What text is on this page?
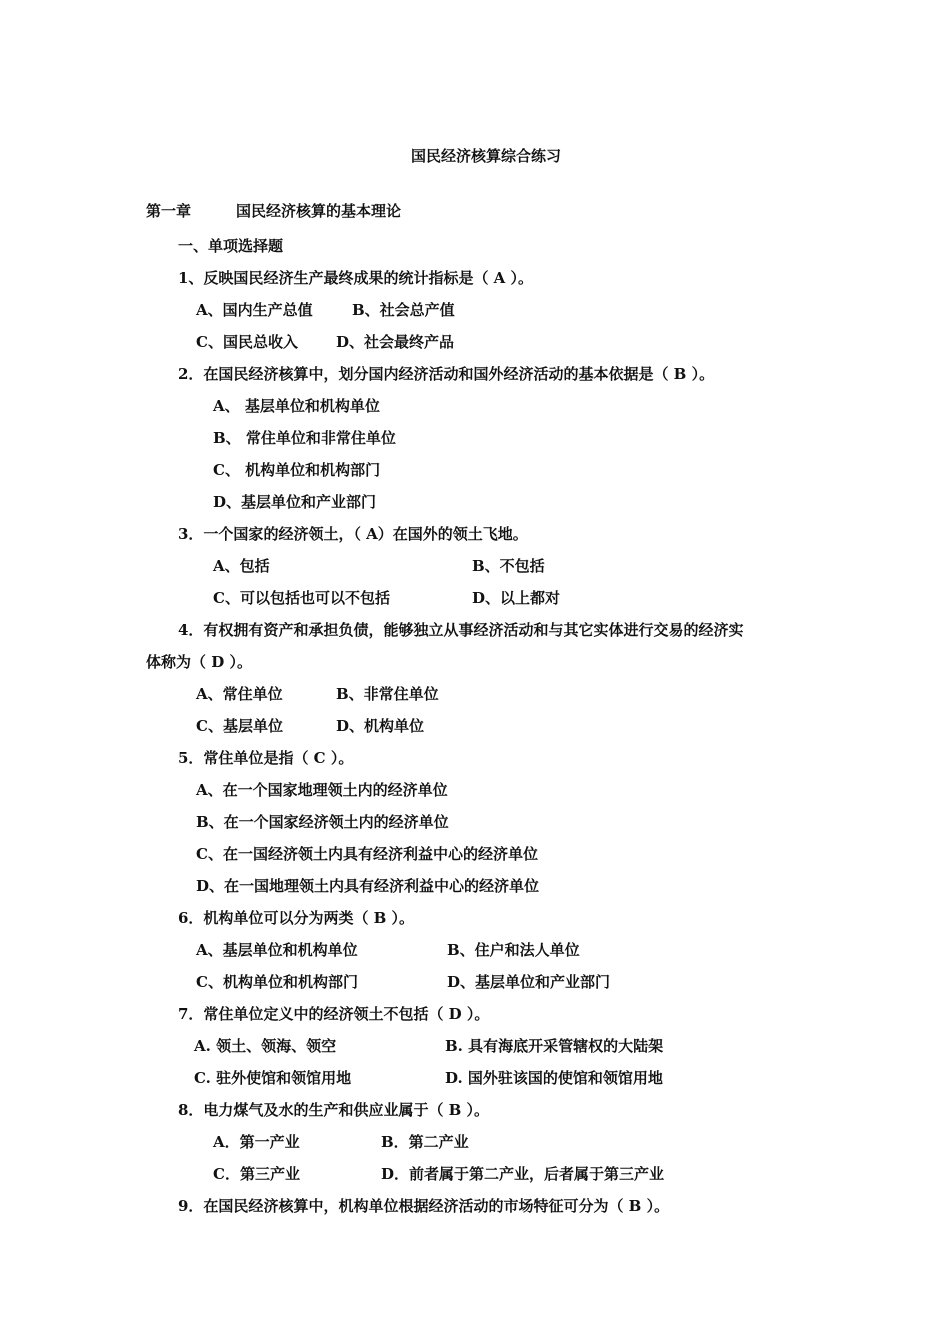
国民经济核算综合练习
第一章	国民经济核算的基本理论
一、单项选择题
1、反映国民经济生产最终成果的统计指标是（ A ）。
A、国内生产总值	B、社会总产值
C、国民总收入	D、社会最终产品
2．在国民经济核算中，划分国内经济活动和国外经济活动的基本依据是（ B ）。
A、 基层单位和机构单位
B、 常住单位和非常住单位
C、 机构单位和机构部门
D、基层单位和产业部门
3．一个国家的经济领土，（ A）在国外的领土飞地。
A、包括	B、不包括
C、可以包括也可以不包括	D、以上都对
4．有权拥有资产和承担负债，能够独立从事经济活动和与其它实体进行交易的经济实
体称为（ D ）。
A、常住单位	B、非常住单位
C、基层单位	D、机构单位
5．常住单位是指（ C ）。
A、在一个国家地理领土内的经济单位
B、在一个国家经济领土内的经济单位
C、在一国经济领土内具有经济利益中心的经济单位
D、在一国地理领土内具有经济利益中心的经济单位
6．机构单位可以分为两类（ B ）。
A、基层单位和机构单位	B、住户和法人单位
C、机构单位和机构部门	D、基层单位和产业部门
7．常住单位定义中的经济领土不包括（ D ）。
A. 领土、领海、领空	B. 具有海底开采管辖权的大陆架
C. 驻外使馆和领馆用地	D. 国外驻该国的使馆和领馆用地
8．电力煤气及水的生产和供应业属于（ B ）。
A．第一产业	B．第二产业
C．第三产业	D．前者属于第二产业，后者属于第三产业
9．在国民经济核算中，机构单位根据经济活动的市场特征可分为（ B ）。
